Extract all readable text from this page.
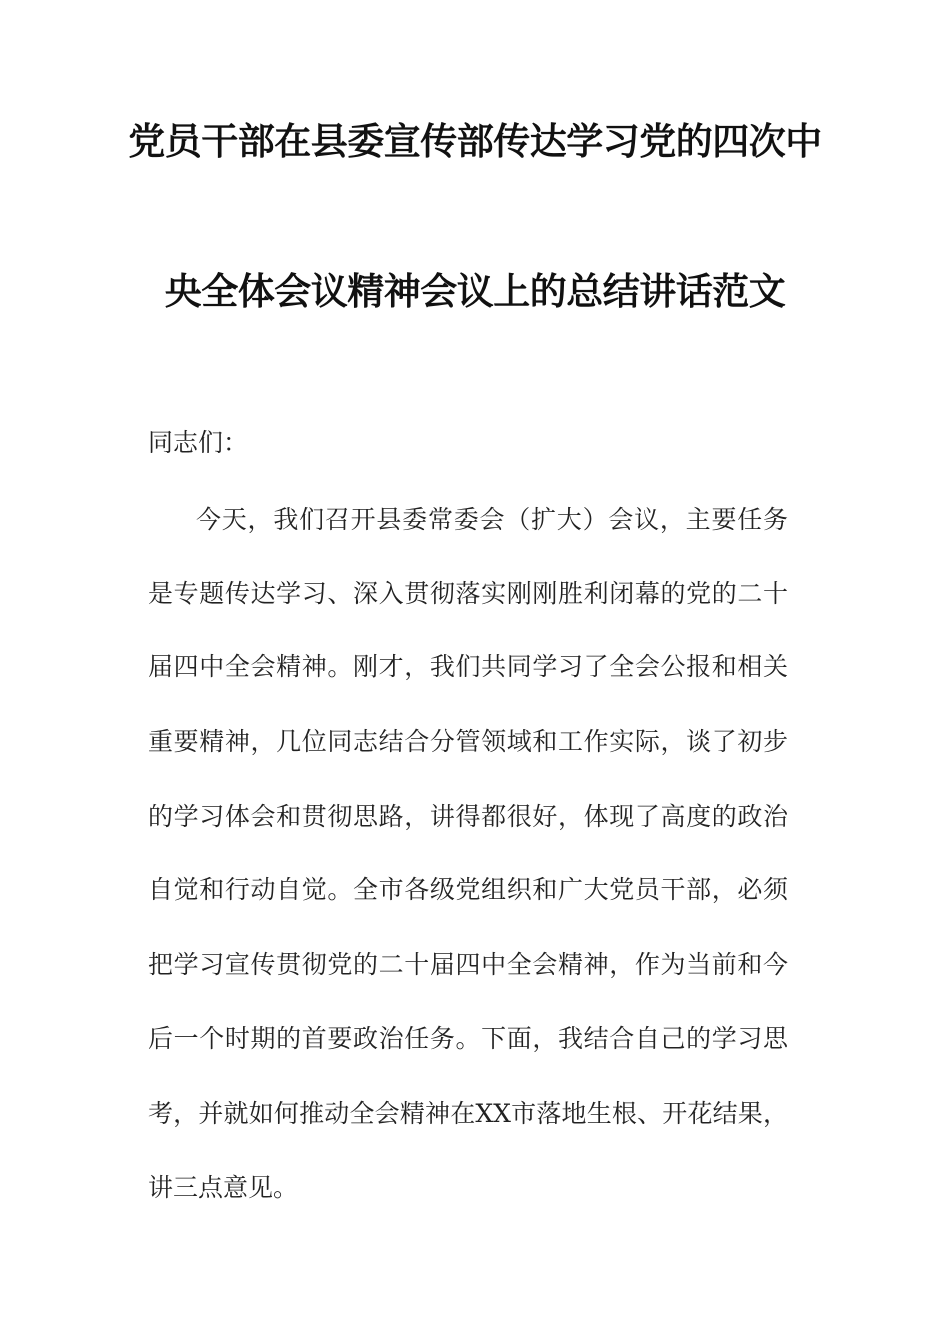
党员干部在县委宣传部传达学习党的四次中
央全体会议精神会议上的总结讲话范文
同志们：
今天，我们召开县委常委会（扩大）会议，主要任务
是专题传达学习、深入贯彻落实刚刚胜利闭幕的党的二十
届四中全会精神。刚才，我们共同学习了全会公报和相关
重要精神，几位同志结合分管领域和工作实际，谈了初步
的学习体会和贯彻思路，讲得都很好，体现了高度的政治
自觉和行动自觉。全市各级党组织和广大党员干部，必须
把学习宣传贯彻党的二十届四中全会精神，作为当前和今
后一个时期的首要政治任务。下面，我结合自己的学习思
考，并就如何推动全会精神在XX市落地生根、开花结果，
讲三点意见。
